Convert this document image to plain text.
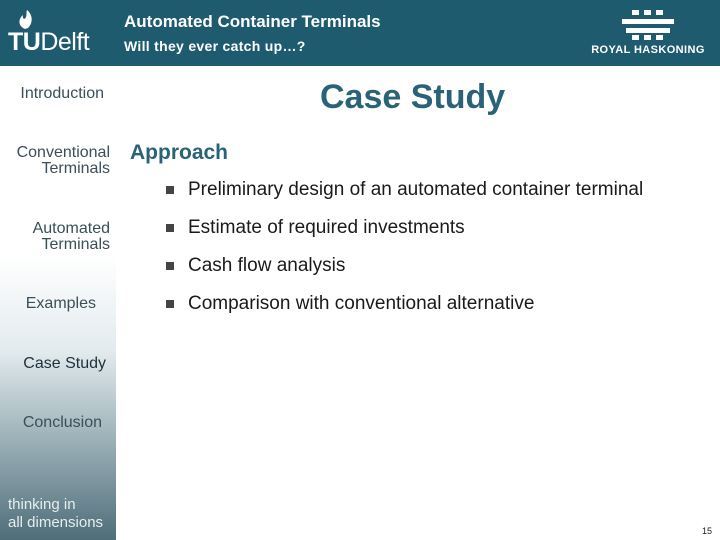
TUDelft
Automated Container Terminals
Will they ever catch up…?	ROYAL HASKONING
Introduction
Conventional
Terminals
Automated
Terminals
Examples
Case Study
Conclusion
thinking in
all dimensions
Case Study
Approach
Preliminary design of an automated container terminal
Estimate of required investments
Cash flow analysis
Comparison with conventional alternative
15
